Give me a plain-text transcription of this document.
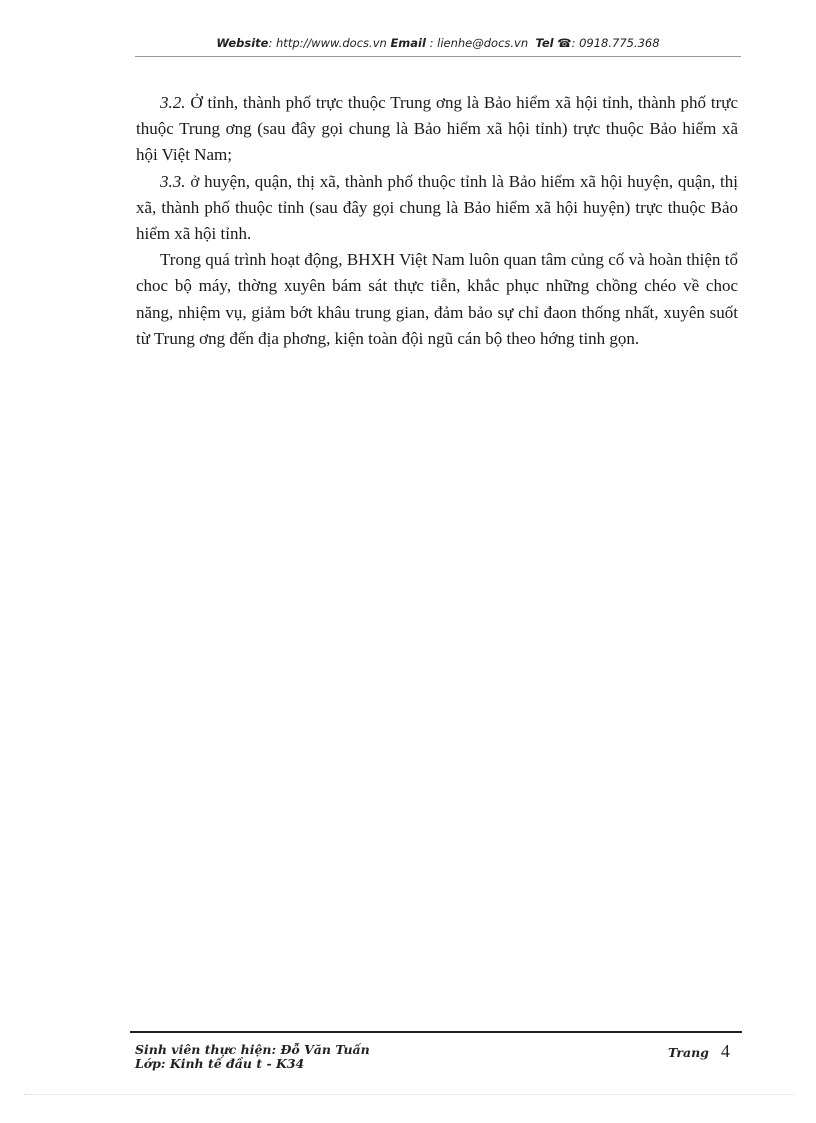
Website: http://www.docs.vn Email : lienhe@docs.vn Tel ☎: 0918.775.368

3.2. Ở tỉnh, thành phố trực thuộc Trung ơng là Bảo hiểm xã hội tỉnh, thành phố trực thuộc Trung ơng (sau đây gọi chung là Bảo hiểm xã hội tỉnh) trực thuộc Bảo hiểm xã hội Việt Nam;

3.3. ở huyện, quận, thị xã, thành phố thuộc tỉnh là Bảo hiểm xã hội huyện, quận, thị xã, thành phố thuộc tỉnh (sau đây gọi chung là Bảo hiểm xã hội huyện) trực thuộc Bảo hiểm xã hội tỉnh.

Trong quá trình hoạt động, BHXH Việt Nam luôn quan tâm củng cố và hoàn thiện tổ choc bộ máy, thờng xuyên bám sát thực tiễn, khắc phục những chồng chéo về choc năng, nhiệm vụ, giảm bớt khâu trung gian, đảm bảo sự chỉ đaon thống nhất, xuyên suốt từ Trung ơng đến địa phơng, kiện toàn đội ngũ cán bộ theo hớng tinh gọn.

Sinh viên thực hiện: Đỗ Văn Tuấn
Lớp: Kinh tế đầu t - K34
Trang 4
